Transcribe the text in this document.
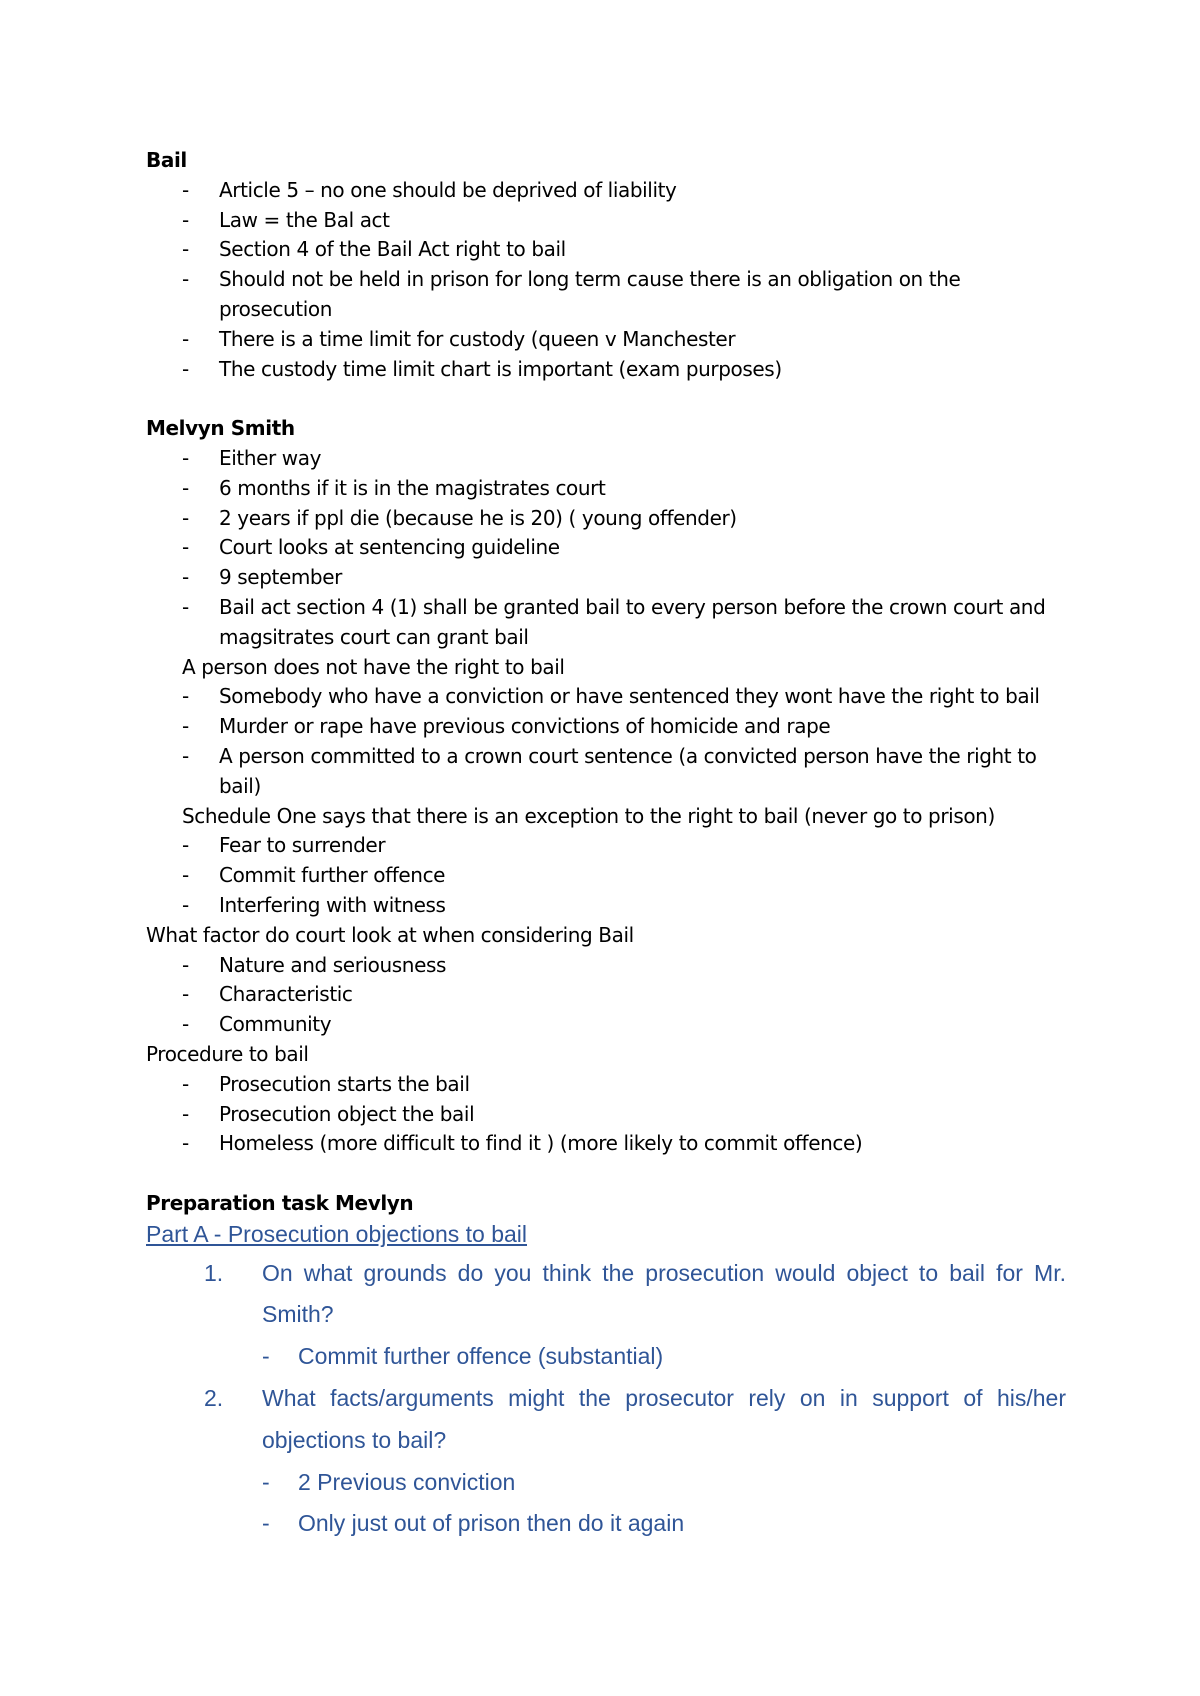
Bail

- Article 5 – no one should be deprived of liability
- Law = the Bal act
- Section 4 of the Bail Act right to bail
- Should not be held in prison for long term cause there is an obligation on the prosecution
- There is a time limit for custody (queen v Manchester
- The custody time limit chart is important (exam purposes)

Melvyn Smith

- Either way
- 6 months if it is in the magistrates court
- 2 years if ppl die (because he is 20) ( young offender)
- Court looks at sentencing guideline
- 9 september
- Bail act section 4 (1) shall be granted bail to every person before the crown court and magsitrates court can grant bail

A person does not have the right to bail

- Somebody who have a conviction or have sentenced they wont have the right to bail
- Murder or rape have previous convictions of homicide and rape
- A person committed to a crown court sentence (a convicted person have the right to bail)

Schedule One says that there is an exception to the right to bail (never go to prison)

- Fear to surrender
- Commit further offence
- Interfering with witness

What factor do court look at when considering Bail

- Nature and seriousness
- Characteristic
- Community

Procedure to bail

- Prosecution starts the bail
- Prosecution object the bail
- Homeless (more difficult to find it ) (more likely to commit offence)

Preparation task Mevlyn

Part A - Prosecution objections to bail

1. On what grounds do you think the prosecution would object to bail for Mr. Smith?
- Commit further offence (substantial)
2. What facts/arguments might the prosecutor rely on in support of his/her objections to bail?
- 2 Previous conviction
- Only just out of prison then do it again
